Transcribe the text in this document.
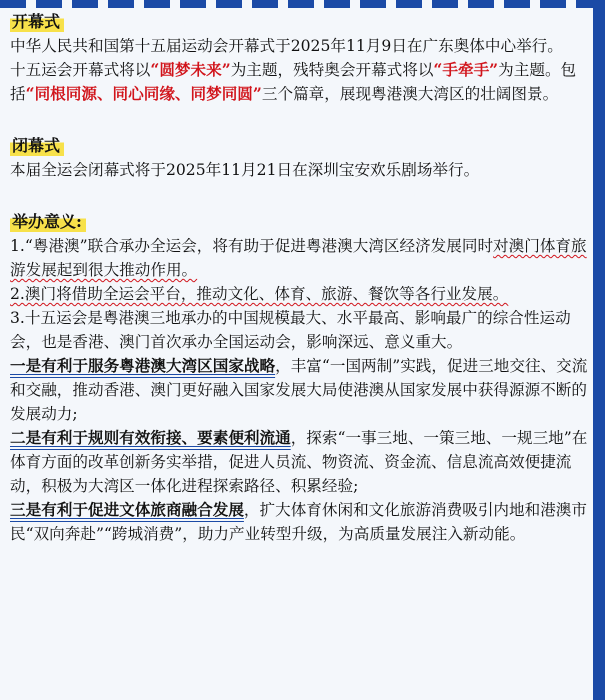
开幕式

中华人民共和国第十五届运动会开幕式于2025年11月9日在广东奥体中心举行。

十五运会开幕式将以“圆梦未来”为主题，残特奥会开幕式将以“手牵手”为主题。包括“同根同源、同心同缘、同梦同圆”三个篇章，展现粤港澳大湾区的壮阔图景。

闭幕式

本届全运会闭幕式将于2025年11月21日在深圳宝安欢乐剧场举行。

举办意义:

1.“粤港澳”联合承办全运会，将有助于促进粤港澳大湾区经济发展同时对澳门体育旅游发展起到很大推动作用。

2.澳门将借助全运会平台，推动文化、体育、旅游、餐饮等各行业发展。

3.十五运会是粤港澳三地承办的中国规模最大、水平最高、影响最广的综合性运动会，也是香港、澳门首次承办全国运动会，影响深远、意义重大。

一是有利于服务粤港澳大湾区国家战略，丰富“一国两制”实践，促进三地交往、交流和交融，推动香港、澳门更好融入国家发展大局使港澳从国家发展中获得源源不断的发展动力;

二是有利于规则有效衔接、要素便利流通，探索“一事三地、一策三地、一规三地”在体育方面的改革创新务实举措，促进人员流、物资流、资金流、信息流高效便捷流动，积极为大湾区一体化进程探索路径、积累经验;

三是有利于促进文体旅商融合发展，扩大体育休闲和文化旅游消费吸引内地和港澳市民“双向奔赴”“跨城消费”，助力产业转型升级，为高质量发展注入新动能。
